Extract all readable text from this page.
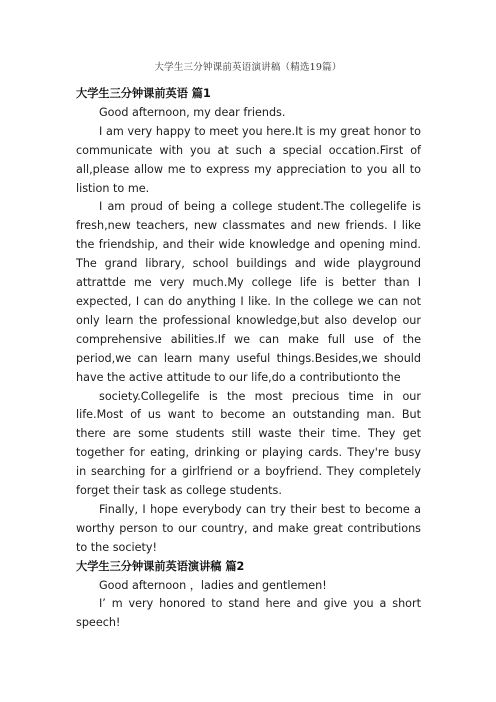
大学生三分钟课前英语演讲稿（精选19篇）

大学生三分钟课前英语 篇1

Good afternoon, my dear friends.

I am very happy to meet you here.It is my great honor to communicate with you at such a special occation.First of all,please allow me to express my appreciation to you all to listion to me.

I am proud of being a college student.The collegelife is fresh,new teachers, new classmates and new friends. I like the friendship, and their wide knowledge and opening mind. The grand library, school buildings and wide playground attrattde me very much.My college life is better than I expected, I can do anything I like. In the college we can not only learn the professional knowledge,but also develop our comprehensive abilities.If we can make full use of the period,we can learn many useful things.Besides,we should have the active attitude to our life,do a contributionto the

society.Collegelife is the most precious time in our life.Most of us want to become an outstanding man. But there are some students still waste their time. They get together for eating, drinking or playing cards. They're busy in searching for a girlfriend or a boyfriend. They completely forget their task as college students.

Finally, I hope everybody can try their best to become a worthy person to our country, and make great contributions to the society!

大学生三分钟课前英语演讲稿 篇2

Good afternoon ，ladies and gentlemen!

I’ m very honored to stand here and give you a short speech!
